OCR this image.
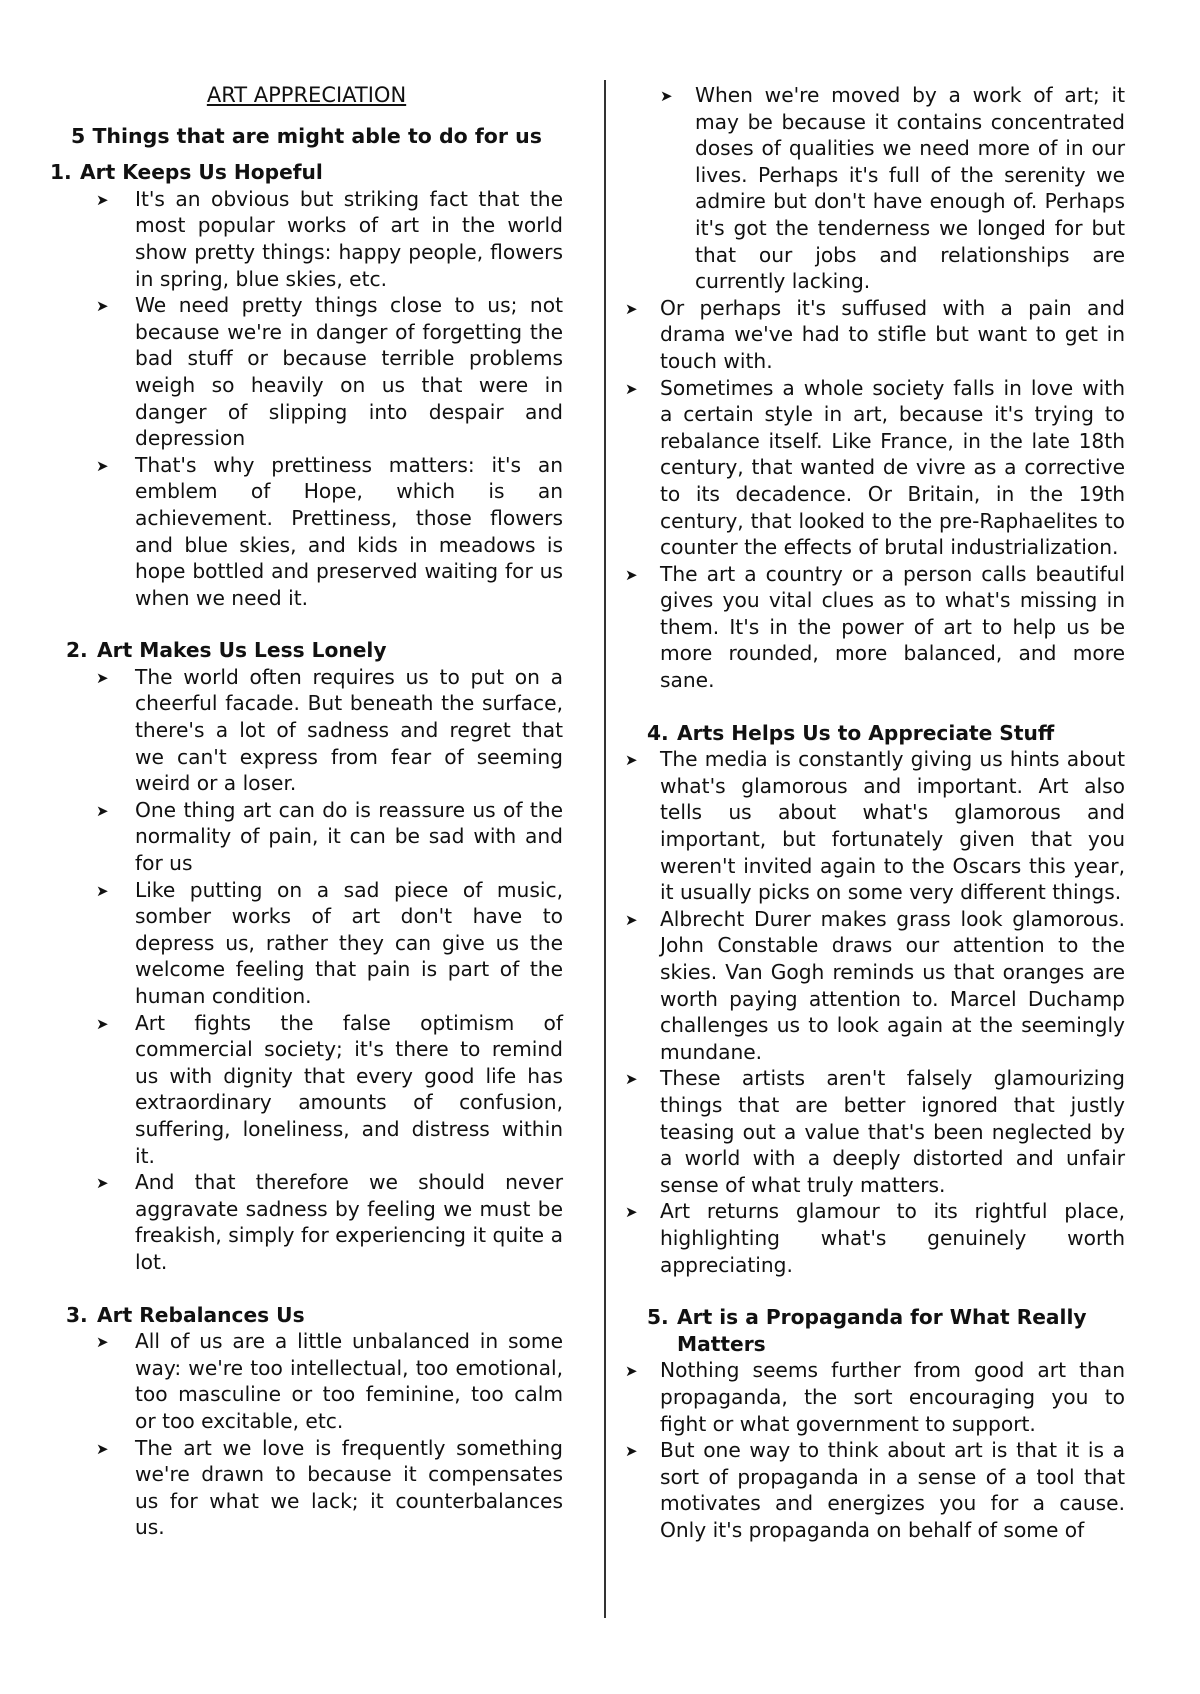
ART APPRECIATION
5 Things that are might able to do for us
1. Art Keeps Us Hopeful
➤ It's an obvious but striking fact that the most popular works of art in the world show pretty things: happy people, flowers in spring, blue skies, etc.
➤ We need pretty things close to us; not because we're in danger of forgetting the bad stuff or because terrible problems weigh so heavily on us that were in danger of slipping into despair and depression
➤ That's why prettiness matters: it's an emblem of Hope, which is an achievement. Prettiness, those flowers and blue skies, and kids in meadows is hope bottled and preserved waiting for us when we need it.
2. Art Makes Us Less Lonely
➤ The world often requires us to put on a cheerful facade. But beneath the surface, there's a lot of sadness and regret that we can't express from fear of seeming weird or a loser.
➤ One thing art can do is reassure us of the normality of pain, it can be sad with and for us
➤ Like putting on a sad piece of music, somber works of art don't have to depress us, rather they can give us the welcome feeling that pain is part of the human condition.
➤ Art fights the false optimism of commercial society; it's there to remind us with dignity that every good life has extraordinary amounts of confusion, suffering, loneliness, and distress within it.
➤ And that therefore we should never aggravate sadness by feeling we must be freakish, simply for experiencing it quite a lot.
3. Art Rebalances Us
➤ All of us are a little unbalanced in some way: we're too intellectual, too emotional, too masculine or too feminine, too calm or too excitable, etc.
➤ The art we love is frequently something we're drawn to because it compensates us for what we lack; it counterbalances us.
➤ When we're moved by a work of art; it may be because it contains concentrated doses of qualities we need more of in our lives. Perhaps it's full of the serenity we admire but don't have enough of. Perhaps it's got the tenderness we longed for but that our jobs and relationships are currently lacking.
➤ Or perhaps it's suffused with a pain and drama we've had to stifle but want to get in touch with.
➤ Sometimes a whole society falls in love with a certain style in art, because it's trying to rebalance itself. Like France, in the late 18th century, that wanted de vivre as a corrective to its decadence. Or Britain, in the 19th century, that looked to the pre-Raphaelites to counter the effects of brutal industrialization.
➤ The art a country or a person calls beautiful gives you vital clues as to what's missing in them. It's in the power of art to help us be more rounded, more balanced, and more sane.
4. Arts Helps Us to Appreciate Stuff
➤ The media is constantly giving us hints about what's glamorous and important. Art also tells us about what's glamorous and important, but fortunately given that you weren't invited again to the Oscars this year, it usually picks on some very different things.
➤ Albrecht Durer makes grass look glamorous. John Constable draws our attention to the skies. Van Gogh reminds us that oranges are worth paying attention to. Marcel Duchamp challenges us to look again at the seemingly mundane.
➤ These artists aren't falsely glamourizing things that are better ignored that justly teasing out a value that's been neglected by a world with a deeply distorted and unfair sense of what truly matters.
➤ Art returns glamour to its rightful place, highlighting what's genuinely worth appreciating.
5. Art is a Propaganda for What Really Matters
➤ Nothing seems further from good art than propaganda, the sort encouraging you to fight or what government to support.
➤ But one way to think about art is that it is a sort of propaganda in a sense of a tool that motivates and energizes you for a cause. Only it's propaganda on behalf of some of
